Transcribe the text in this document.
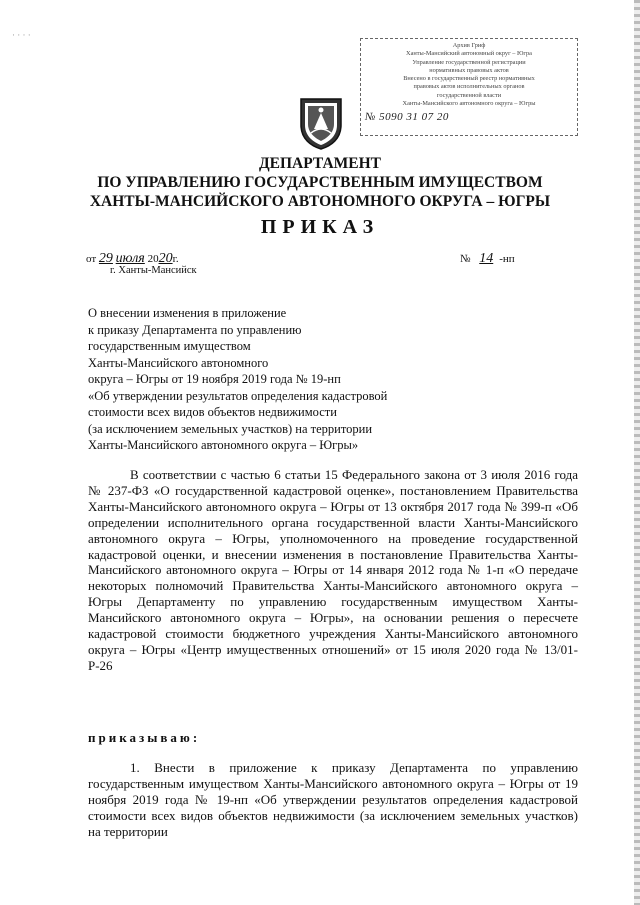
· · · ·
Архив Гриф
Ханты-Мансийский автономный округ – Югра
Управление государственной регистрации
нормативных правовых актов
Внесено в государственный реестр нормативных
правовых актов исполнительных органов
государственной власти
Ханты-Мансийского автономного округа – Югры
№ 5090 31 07 20
ДЕПАРТАМЕНТ
ПО УПРАВЛЕНИЮ ГОСУДАРСТВЕННЫМ ИМУЩЕСТВОМ
ХАНТЫ-МАНСИЙСКОГО АВТОНОМНОГО ОКРУГА – ЮГРЫ
ПРИКАЗ
от 29 июля 2020г.
г. Ханты-Мансийск
№ 14 -нп
О внесении изменения в приложение
к приказу Департамента по управлению
государственным имуществом
Ханты-Мансийского автономного
округа – Югры от 19 ноября 2019 года № 19-нп
«Об утверждении результатов определения кадастровой
стоимости всех видов объектов недвижимости
(за исключением земельных участков) на территории
Ханты-Мансийского автономного округа – Югры»

В соответствии с частью 6 статьи 15 Федерального закона от 3 июля 2016 года № 237-ФЗ «О государственной кадастровой оценке», постановлением Правительства Ханты-Мансийского автономного округа – Югры от 13 октября 2017 года № 399-п «Об определении исполнительного органа государственной власти Ханты-Мансийского автономного округа – Югры, уполномоченного на проведение государственной кадастровой оценки, и внесении изменения в постановление Правительства Ханты-Мансийского автономного округа – Югры от 14 января 2012 года № 1-п «О передаче некоторых полномочий Правительства Ханты-Мансийского автономного округа – Югры Департаменту по управлению государственным имуществом Ханты-Мансийского автономного округа – Югры», на основании решения о пересчете кадастровой стоимости бюджетного учреждения Ханты-Мансийского автономного округа – Югры «Центр имущественных отношений» от 15 июля 2020 года № 13/01-Р-26

приказываю:

1. Внести в приложение к приказу Департамента по управлению государственным имуществом Ханты-Мансийского автономного округа – Югры от 19 ноября 2019 года № 19-нп «Об утверждении результатов определения кадастровой стоимости всех видов объектов недвижимости (за исключением земельных участков) на территории
